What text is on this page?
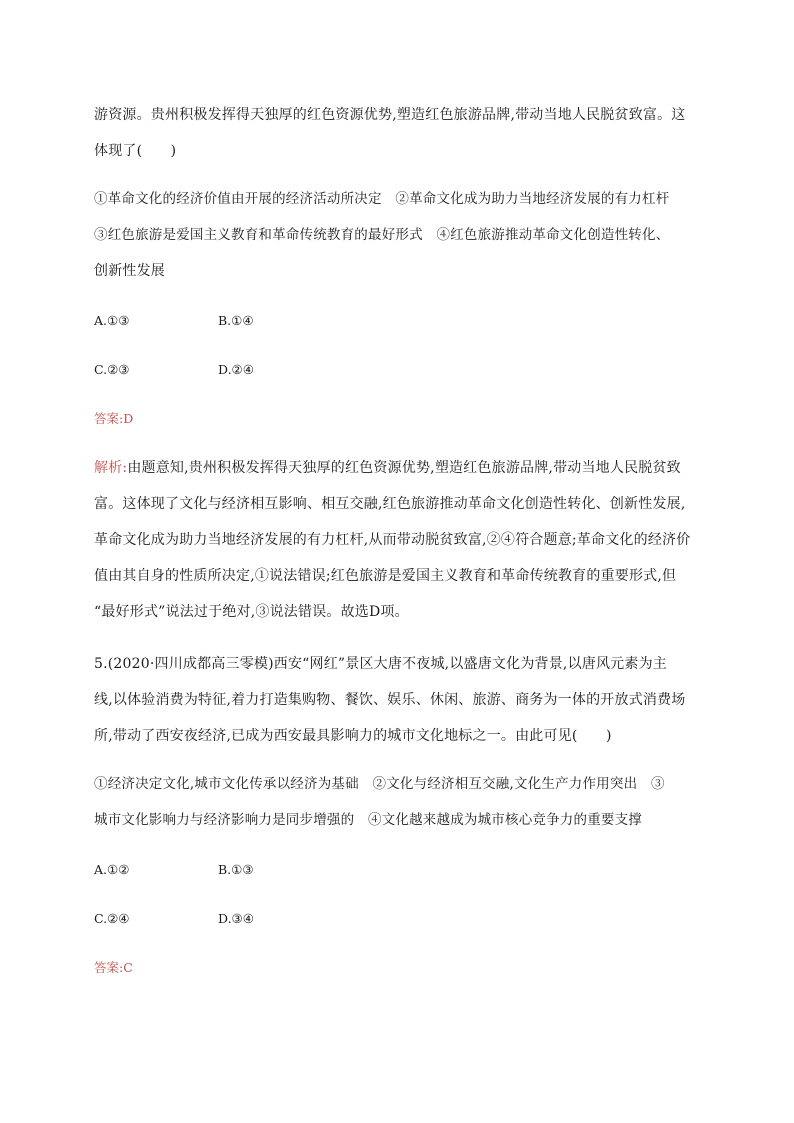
游资源。贵州积极发挥得天独厚的红色资源优势,塑造红色旅游品牌,带动当地人民脱贫致富。这
体现了(　　)
①革命文化的经济价值由开展的经济活动所决定　②革命文化成为助力当地经济发展的有力杠杆
③红色旅游是爱国主义教育和革命传统教育的最好形式　④红色旅游推动革命文化创造性转化、
创新性发展
A.①③	B.①④
C.②③	D.②④
答案:D
解析:由题意知,贵州积极发挥得天独厚的红色资源优势,塑造红色旅游品牌,带动当地人民脱贫致
富。这体现了文化与经济相互影响、相互交融,红色旅游推动革命文化创造性转化、创新性发展,
革命文化成为助力当地经济发展的有力杠杆,从而带动脱贫致富,②④符合题意;革命文化的经济价
值由其自身的性质所决定,①说法错误;红色旅游是爱国主义教育和革命传统教育的重要形式,但
“最好形式”说法过于绝对,③说法错误。故选D项。
5.(2020·四川成都高三零模)西安“网红”景区大唐不夜城,以盛唐文化为背景,以唐风元素为主
线,以体验消费为特征,着力打造集购物、餐饮、娱乐、休闲、旅游、商务为一体的开放式消费场
所,带动了西安夜经济,已成为西安最具影响力的城市文化地标之一。由此可见(　　)
①经济决定文化,城市文化传承以经济为基础　②文化与经济相互交融,文化生产力作用突出　③
城市文化影响力与经济影响力是同步增强的　④文化越来越成为城市核心竞争力的重要支撑
A.①②	B.①③
C.②④	D.③④
答案:C
